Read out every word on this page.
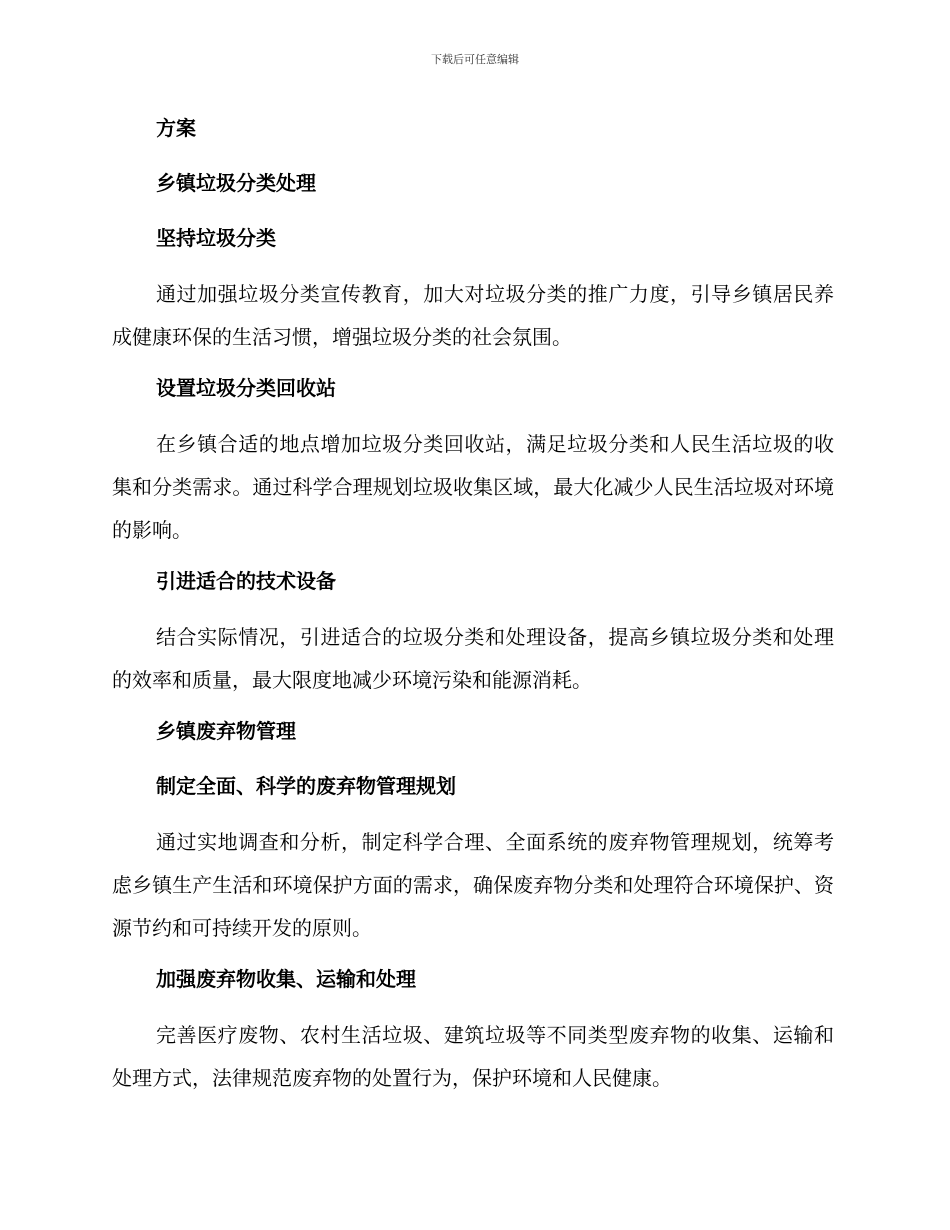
下载后可任意编辑
方案
乡镇垃圾分类处理
坚持垃圾分类

通过加强垃圾分类宣传教育，加大对垃圾分类的推广力度，引导乡镇居民养成健康环保的生活习惯，增强垃圾分类的社会氛围。

设置垃圾分类回收站

在乡镇合适的地点增加垃圾分类回收站，满足垃圾分类和人民生活垃圾的收集和分类需求。通过科学合理规划垃圾收集区域，最大化减少人民生活垃圾对环境的影响。

引进适合的技术设备

结合实际情况，引进适合的垃圾分类和处理设备，提高乡镇垃圾分类和处理的效率和质量，最大限度地减少环境污染和能源消耗。

乡镇废弃物管理
制定全面、科学的废弃物管理规划

通过实地调查和分析，制定科学合理、全面系统的废弃物管理规划，统筹考虑乡镇生产生活和环境保护方面的需求，确保废弃物分类和处理符合环境保护、资源节约和可持续开发的原则。

加强废弃物收集、运输和处理

完善医疗废物、农村生活垃圾、建筑垃圾等不同类型废弃物的收集、运输和处理方式，法律规范废弃物的处置行为，保护环境和人民健康。
